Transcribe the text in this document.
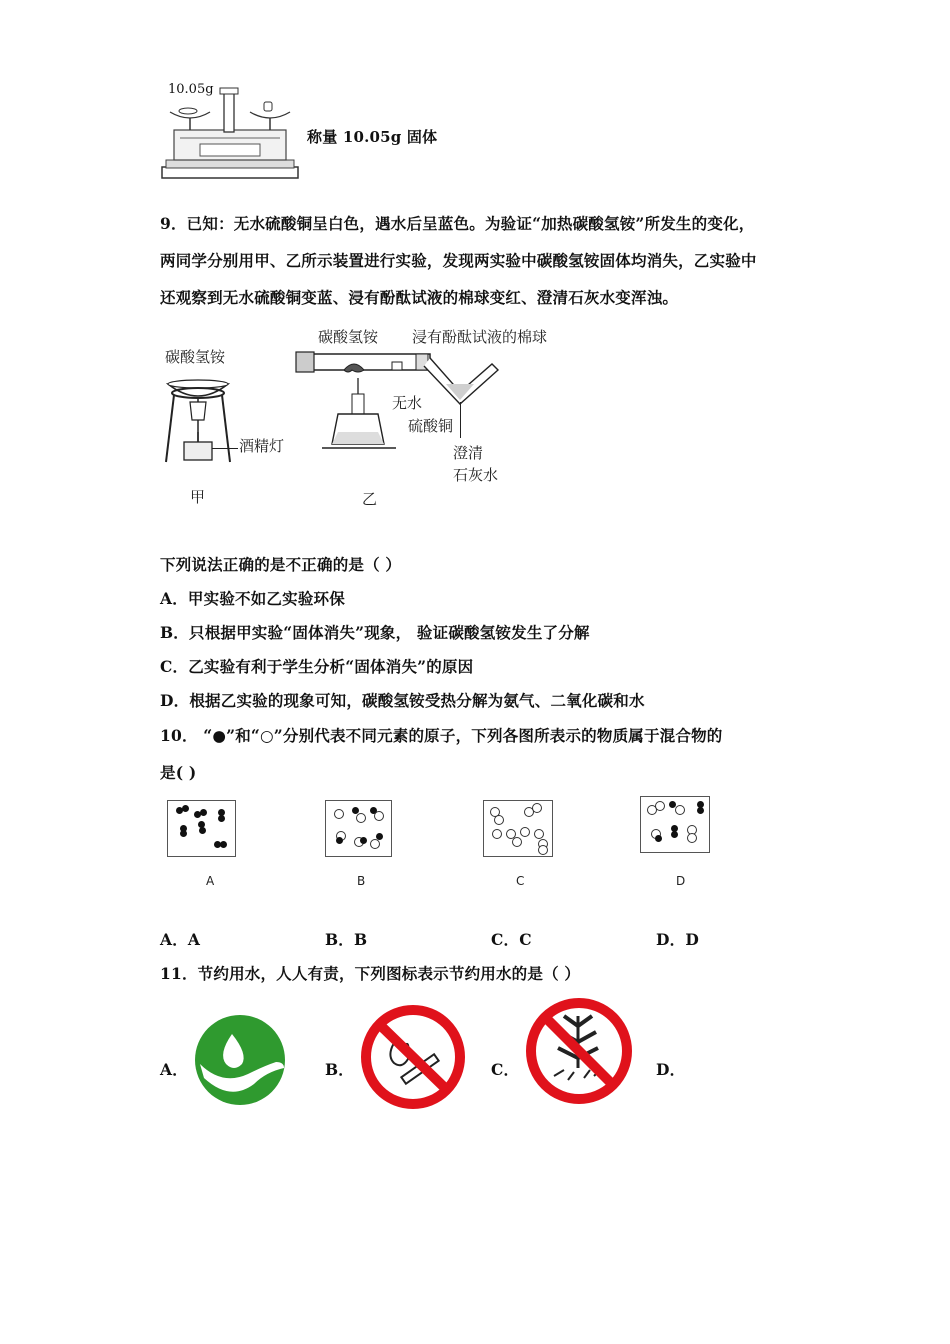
10.05g
称量 10.05g 固体
9．已知：无水硫酸铜呈白色，遇水后呈蓝色。为验证“加热碳酸氢铵”所发生的变化，
两同学分别用甲、乙所示装置进行实验，发现两实验中碳酸氢铵固体均消失，乙实验中
还观察到无水硫酸铜变蓝、浸有酚酞试液的棉球变红、澄清石灰水变浑浊。
碳酸氢铵
酒精灯
甲
碳酸氢铵 浸有酚酞试液的棉球
无水
硫酸铜
澄清
石灰水
乙
下列说法正确的是不正确的是（ ）
A．甲实验不如乙实验环保
B．只根据甲实验“固体消失”现象， 验证碳酸氢铵发生了分解
C．乙实验有利于学生分析“固体消失”的原因
D．根据乙实验的现象可知，碳酸氢铵受热分解为氨气、二氧化碳和水
10． “●”和“○”分别代表不同元素的原子，下列各图所表示的物质属于混合物的
是( )
A	B	C	D
A．A	B．B	C．C	D．D
11．节约用水，人人有责，下列图标表示节约用水的是（ ）
A．	B．	C．	D．
